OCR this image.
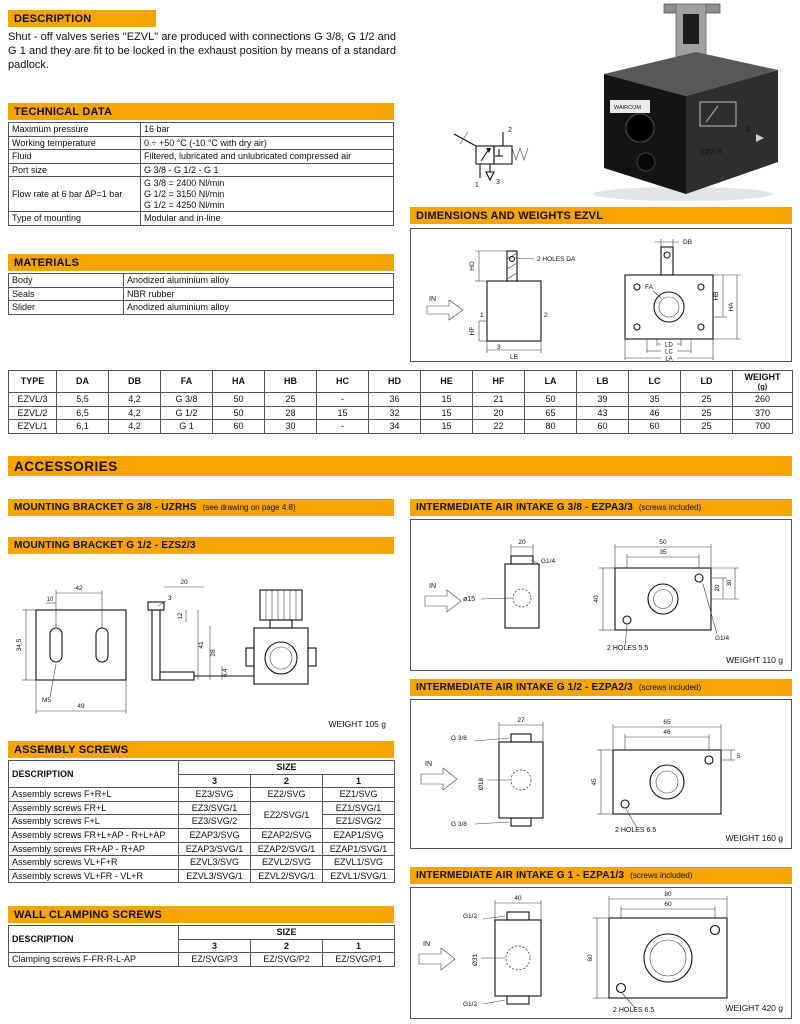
DESCRIPTION
Shut - off valves series "EZVL" are produced with connections G 3/8, G 1/2 and G 1 and they are fit to be locked in the exhaust position by means of a standard padlock.
1 3
2
WAIRCOM
2
EZVL3
TECHNICAL DATA
Maximum pressure	16 bar
Working temperature	0 ÷ +50 °C (-10 °C with dry air)
Fluid	Filtered, lubricated and unlubricated compressed air
Port size	G 3/8 - G 1/2 - G 1
Flow rate at 6 bar ΔP=1 bar	G 3/8 = 2400 Nl/min
G 1/2 = 3150 Nl/min
G 1/2 = 4250 Nl/min

Type of mounting	Modular and in-line
MATERIALS
Body	Anodized aluminium alloy
Seals	NBR rubber
Slider	Anodized aluminium alloy
DIMENSIONS AND WEIGHTS EZVL
HD
HF
LB
IN
1	2
3
2 HOLES DA
DB
FA
HB
HA
LD
LC
LA
TYPE	DA	DB	FA	HA	HB	HC	HD	HE	HF	LA	LB	LC	LD	WEIGHT
(g)

EZVL/3	5,5	4,2	G 3/8	50	25	-	36	15	21	50	39	35	25	260
EZVL/2	6,5	4,2	G 1/2	50	28	15	32	15	20	65	43	46	25	370
EZVL/1	6,1	4,2	G 1	60	30	-	34	15	22	80	60	60	25	700
ACCESSORIES
MOUNTING BRACKET G 3/8 - UZRHS (see drawing on page 4.8)
MOUNTING BRACKET G 1/2 - EZS2/3
42
10
34,5
M5
49
3
20
41
28
12
6,4
WEIGHT 105 g
ASSEMBLY SCREWS
DESCRIPTION	SIZE		
	3	2	1
Assembly screws F+R+L	EZ3/SVG	EZ2/SVG	EZ1/SVG
Assembly screws FR+L	EZ3/SVG/1	EZ2/SVG/1	EZ1/SVG/1
Assembly screws F+L	EZ3/SVG/2		EZ1/SVG/2
Assembly screws FR+L+AP - R+L+AP	EZAP3/SVG	EZAP2/SVG	EZAP1/SVG
Assembly screws FR+AP - R+AP	EZAP3/SVG/1	EZAP2/SVG/1	EZAP1/SVG/1
Assembly screws VL+F+R	EZVL3/SVG	EZVL2/SVG	EZVL1/SVG
Assembly screws VL+FR - VL+R	EZVL3/SVG/1	EZVL2/SVG/1	EZVL1/SVG/1
WALL CLAMPING SCREWS
DESCRIPTION	SIZE		
	3	2	1
Clamping screws F-FR-R-L-AP	EZ/SVG/P3	EZ/SVG/P2	EZ/SVG/P1
INTERMEDIATE AIR INTAKE G 3/8 - EZPA3/3 (screws included)
20
G1/4
ø15
IN
50
35
40
20
30
2 HOLES 5.5
G1/4
WEIGHT 110 g
INTERMEDIATE AIR INTAKE G 1/2 - EZPA2/3 (screws included)
27
G 3/8
Ø18
G 3/8
IN
65
46
45
5
2 HOLES 6.5
WEIGHT 160 g
INTERMEDIATE AIR INTAKE G 1 - EZPA1/3 (screws included)
40
G1/2
Ø31
G1/2
IN
80
60
60
2 HOLES 6.5	WEIGHT 420 g
